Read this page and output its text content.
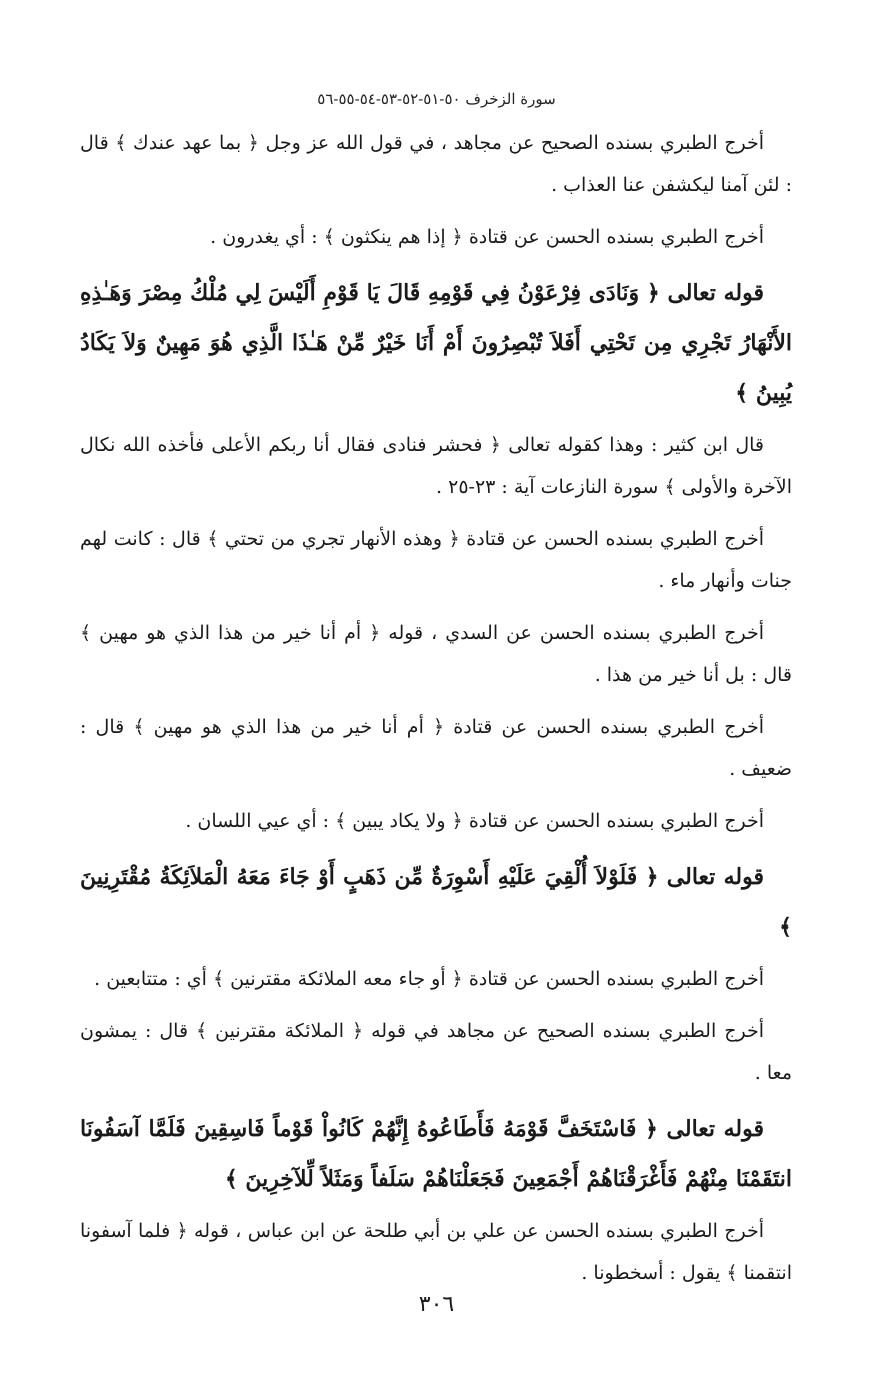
سورة الزخرف ٥٠-٥١-٥٢-٥٣-٥٤-٥٥-٥٦

أخرج الطبري بسنده الصحيح عن مجاهد ، في قول الله عز وجل ﴿ بما عهد عندك ﴾ قال : لئن آمنا ليكشفن عنا العذاب .

أخرج الطبري بسنده الحسن عن قتادة ﴿ إذا هم ينكثون ﴾ : أي يغدرون .

قوله تعالى ﴿ وَنَادَى فِرْعَوْنُ فِي قَوْمِهِ قَالَ يَا قَوْمِ أَلَيْسَ لِي مُلْكُ مِصْرَ وَهَـٰذِهِ الأَنْهَارُ تَجْرِي مِن تَحْتِي أَفَلاَ تُبْصِرُونَ أَمْ أَنَا خَيْرٌ مِّنْ هَـٰذَا الَّذِي هُوَ مَهِينٌ وَلاَ يَكَادُ يُبِينُ ﴾

قال ابن كثير : وهذا كقوله تعالى ﴿ فحشر فنادى فقال أنا ربكم الأعلى فأخذه الله نكال الآخرة والأولى ﴾ سورة النازعات آية : ٢٣-٢٥ .

أخرج الطبري بسنده الحسن عن قتادة ﴿ وهذه الأنهار تجري من تحتي ﴾ قال : كانت لهم جنات وأنهار ماء .

أخرج الطبري بسنده الحسن عن السدي ، قوله ﴿ أم أنا خير من هذا الذي هو مهين ﴾ قال : بل أنا خير من هذا .

أخرج الطبري بسنده الحسن عن قتادة ﴿ أم أنا خير من هذا الذي هو مهين ﴾ قال : ضعيف .

أخرج الطبري بسنده الحسن عن قتادة ﴿ ولا يكاد يبين ﴾ : أي عيي اللسان .

قوله تعالى ﴿ فَلَوْلاَ أُلْقِيَ عَلَيْهِ أَسْوِرَةٌ مِّن ذَهَبٍ أَوْ جَاءَ مَعَهُ الْمَلاَئِكَةُ مُقْتَرِنِينَ ﴾

أخرج الطبري بسنده الحسن عن قتادة ﴿ أو جاء معه الملائكة مقترنين ﴾ أي : متتابعين .

أخرج الطبري بسنده الصحيح عن مجاهد في قوله ﴿ الملائكة مقترنين ﴾ قال : يمشون معا .

قوله تعالى ﴿ فَاسْتَخَفَّ قَوْمَهُ فَأَطَاعُوهُ إِنَّهُمْ كَانُواْ قَوْماً فَاسِقِينَ فَلَمَّا آسَفُونَا انتَقَمْنَا مِنْهُمْ فَأَغْرَقْنَاهُمْ أَجْمَعِينَ فَجَعَلْنَاهُمْ سَلَفاً وَمَثَلاً لِّلآخِرِينَ ﴾

أخرج الطبري بسنده الحسن عن علي بن أبي طلحة عن ابن عباس ، قوله ﴿ فلما آسفونا انتقمنا ﴾ يقول : أسخطونا .

٣٠٦
